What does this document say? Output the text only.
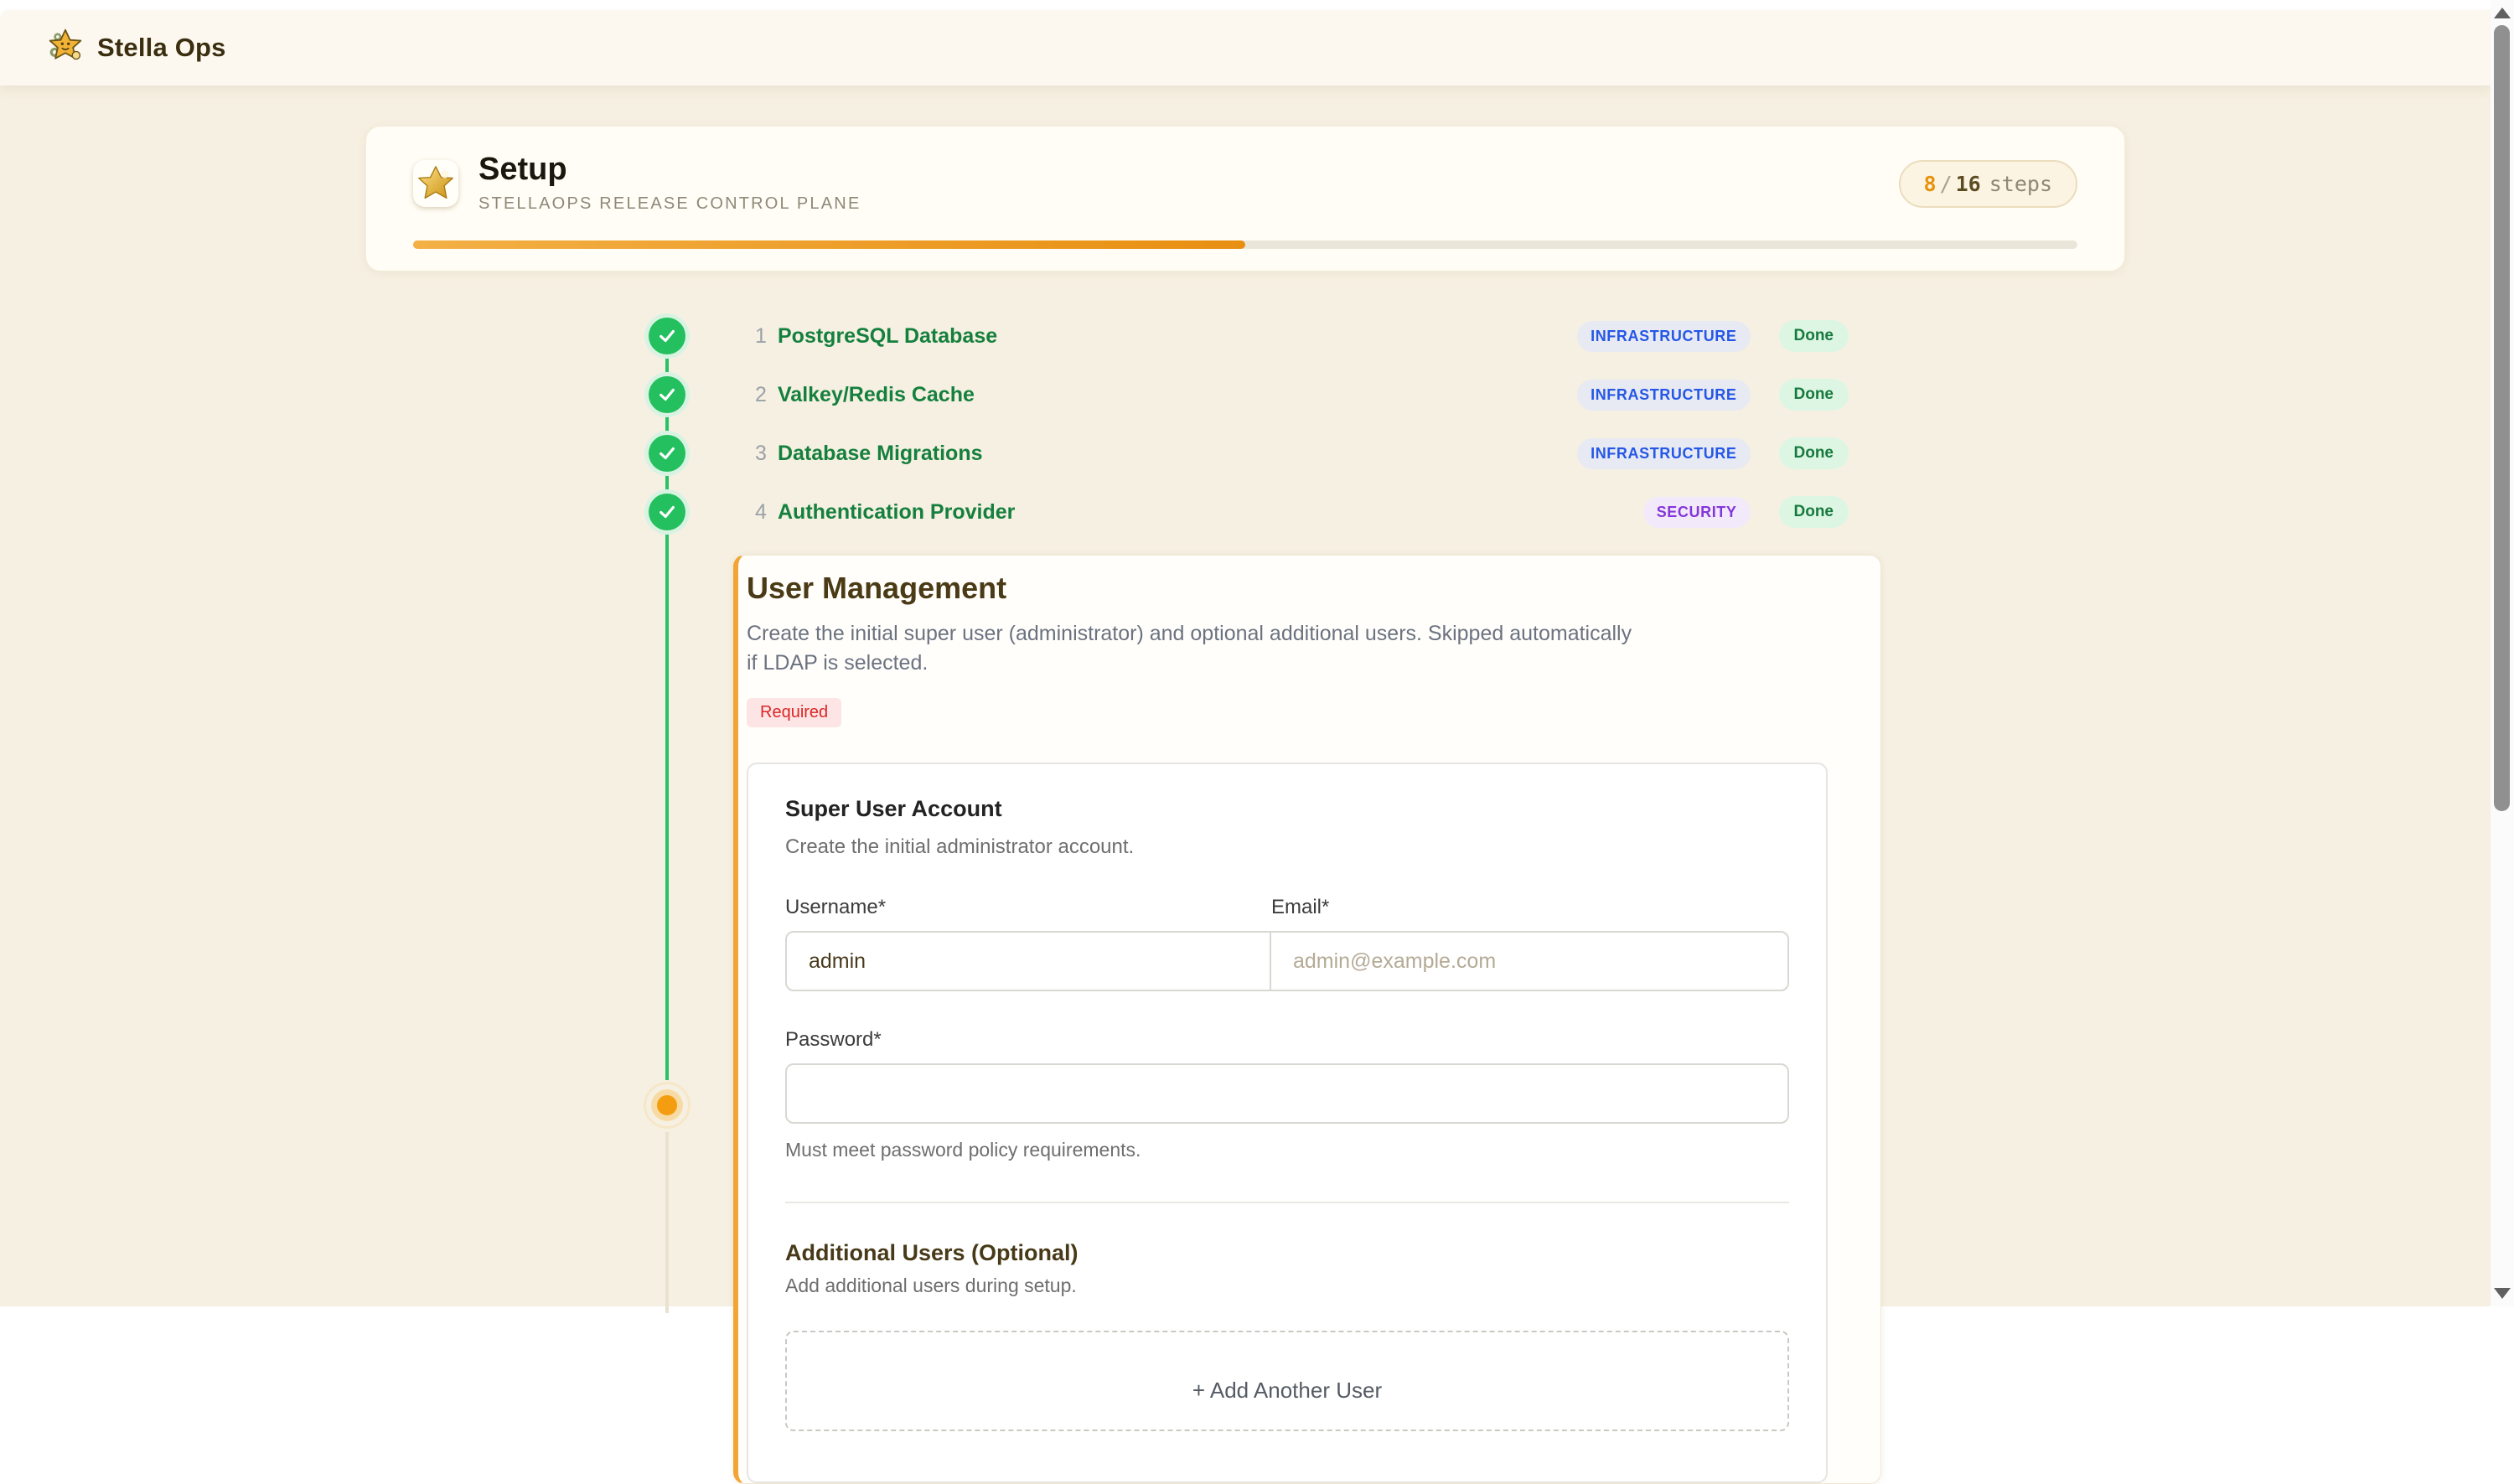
Stella Ops
Setup
STELLAOPS RELEASE CONTROL PLANE
8 / 16 steps
1 PostgreSQL Database	INFRASTRUCTURE	Done
2 Valkey/Redis Cache	INFRASTRUCTURE	Done
3 Database Migrations	INFRASTRUCTURE	Done
4 Authentication Provider	SECURITY	Done
User Management
Create the initial super user (administrator) and optional additional users. Skipped automatically if LDAP is selected.
Required
Super User Account
Create the initial administrator account.
Username*	Email*
admin
admin@example.com
Password*
Must meet password policy requirements.
Additional Users (Optional)
Add additional users during setup.
+ Add Another User
